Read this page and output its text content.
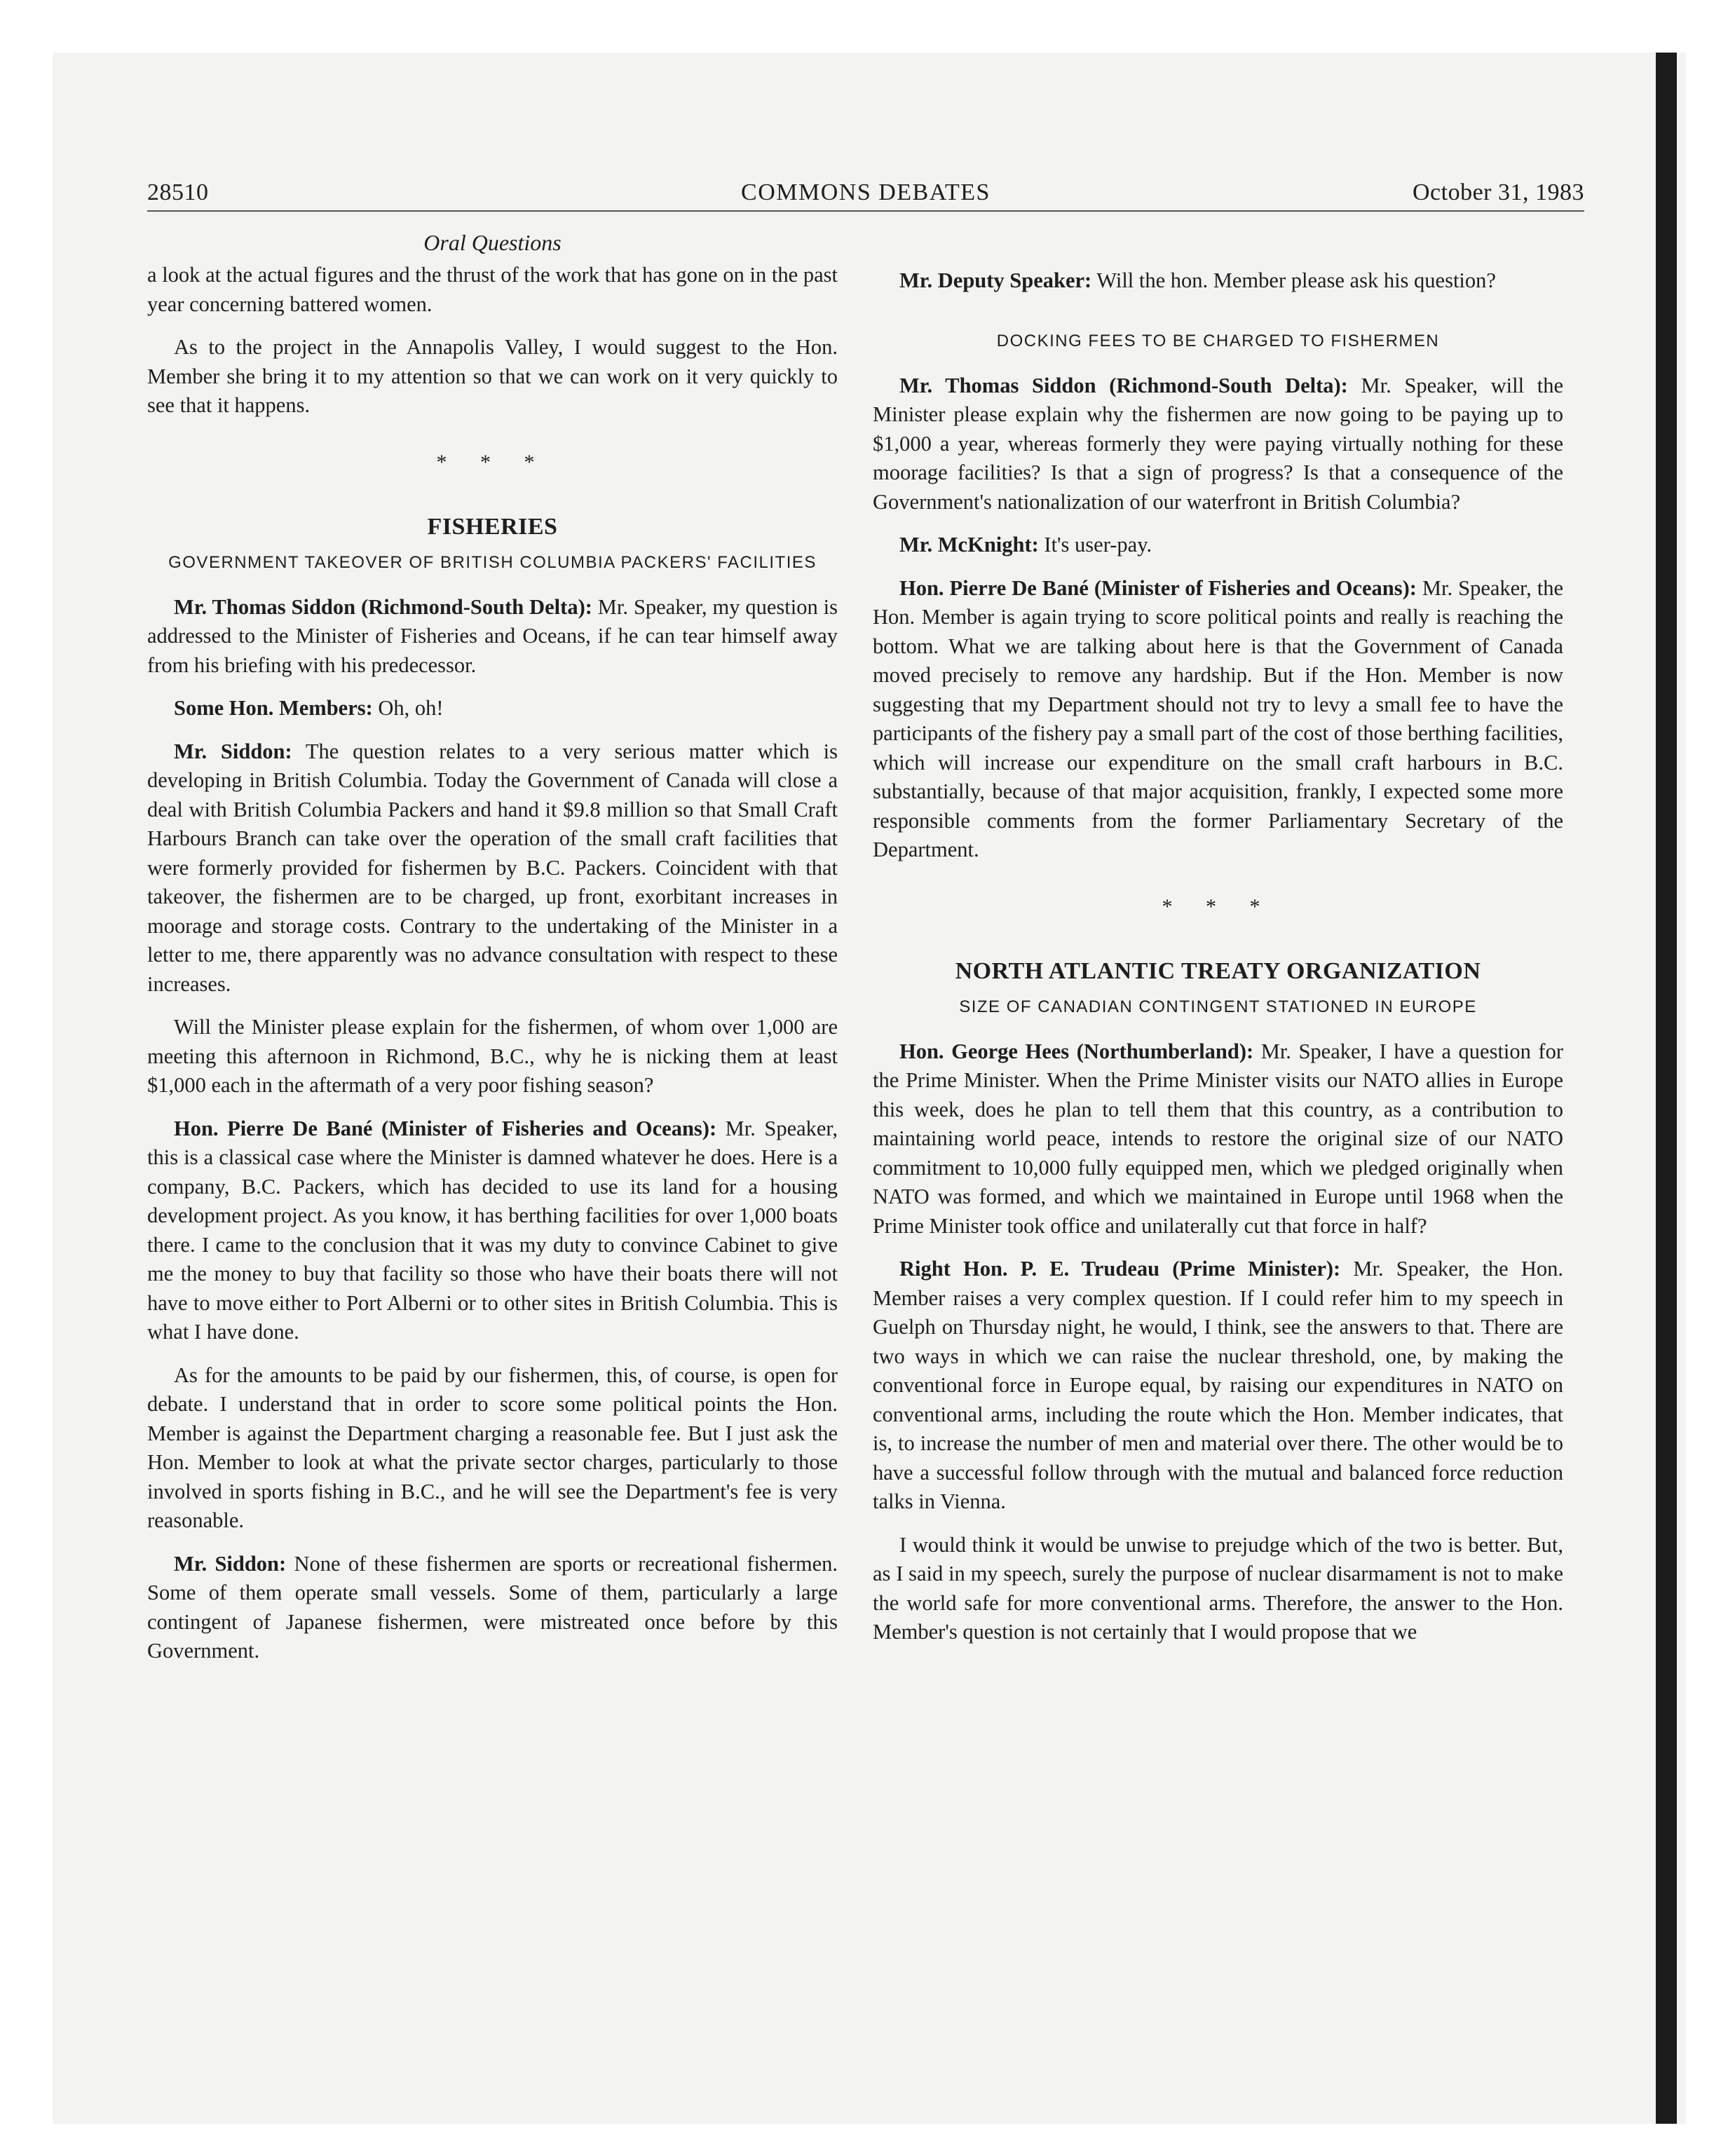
28510	COMMONS DEBATES	October 31, 1983
Oral Questions

a look at the actual figures and the thrust of the work that has gone on in the past year concerning battered women.

As to the project in the Annapolis Valley, I would suggest to the Hon. Member she bring it to my attention so that we can work on it very quickly to see that it happens.

* * *
FISHERIES
GOVERNMENT TAKEOVER OF BRITISH COLUMBIA PACKERS' FACILITIES

Mr. Thomas Siddon (Richmond-South Delta): Mr. Speaker, my question is addressed to the Minister of Fisheries and Oceans, if he can tear himself away from his briefing with his predecessor.

Some Hon. Members: Oh, oh!

Mr. Siddon: The question relates to a very serious matter which is developing in British Columbia. Today the Government of Canada will close a deal with British Columbia Packers and hand it $9.8 million so that Small Craft Harbours Branch can take over the operation of the small craft facilities that were formerly provided for fishermen by B.C. Packers. Coincident with that takeover, the fishermen are to be charged, up front, exorbitant increases in moorage and storage costs. Contrary to the undertaking of the Minister in a letter to me, there apparently was no advance consultation with respect to these increases.

Will the Minister please explain for the fishermen, of whom over 1,000 are meeting this afternoon in Richmond, B.C., why he is nicking them at least $1,000 each in the aftermath of a very poor fishing season?

Hon. Pierre De Bané (Minister of Fisheries and Oceans): Mr. Speaker, this is a classical case where the Minister is damned whatever he does. Here is a company, B.C. Packers, which has decided to use its land for a housing development project. As you know, it has berthing facilities for over 1,000 boats there. I came to the conclusion that it was my duty to convince Cabinet to give me the money to buy that facility so those who have their boats there will not have to move either to Port Alberni or to other sites in British Columbia. This is what I have done.

As for the amounts to be paid by our fishermen, this, of course, is open for debate. I understand that in order to score some political points the Hon. Member is against the Department charging a reasonable fee. But I just ask the Hon. Member to look at what the private sector charges, particularly to those involved in sports fishing in B.C., and he will see the Department's fee is very reasonable.

Mr. Siddon: None of these fishermen are sports or recreational fishermen. Some of them operate small vessels. Some of them, particularly a large contingent of Japanese fishermen, were mistreated once before by this Government.

Mr. Deputy Speaker: Will the hon. Member please ask his question?

DOCKING FEES TO BE CHARGED TO FISHERMEN

Mr. Thomas Siddon (Richmond-South Delta): Mr. Speaker, will the Minister please explain why the fishermen are now going to be paying up to $1,000 a year, whereas formerly they were paying virtually nothing for these moorage facilities? Is that a sign of progress? Is that a consequence of the Government's nationalization of our waterfront in British Columbia?

Mr. McKnight: It's user-pay.

Hon. Pierre De Bané (Minister of Fisheries and Oceans): Mr. Speaker, the Hon. Member is again trying to score political points and really is reaching the bottom. What we are talking about here is that the Government of Canada moved precisely to remove any hardship. But if the Hon. Member is now suggesting that my Department should not try to levy a small fee to have the participants of the fishery pay a small part of the cost of those berthing facilities, which will increase our expenditure on the small craft harbours in B.C. substantially, because of that major acquisition, frankly, I expected some more responsible comments from the former Parliamentary Secretary of the Department.

* * *
NORTH ATLANTIC TREATY ORGANIZATION
SIZE OF CANADIAN CONTINGENT STATIONED IN EUROPE

Hon. George Hees (Northumberland): Mr. Speaker, I have a question for the Prime Minister. When the Prime Minister visits our NATO allies in Europe this week, does he plan to tell them that this country, as a contribution to maintaining world peace, intends to restore the original size of our NATO commitment to 10,000 fully equipped men, which we pledged originally when NATO was formed, and which we maintained in Europe until 1968 when the Prime Minister took office and unilaterally cut that force in half?

Right Hon. P. E. Trudeau (Prime Minister): Mr. Speaker, the Hon. Member raises a very complex question. If I could refer him to my speech in Guelph on Thursday night, he would, I think, see the answers to that. There are two ways in which we can raise the nuclear threshold, one, by making the conventional force in Europe equal, by raising our expenditures in NATO on conventional arms, including the route which the Hon. Member indicates, that is, to increase the number of men and material over there. The other would be to have a successful follow through with the mutual and balanced force reduction talks in Vienna.

I would think it would be unwise to prejudge which of the two is better. But, as I said in my speech, surely the purpose of nuclear disarmament is not to make the world safe for more conventional arms. Therefore, the answer to the Hon. Member's question is not certainly that I would propose that we
